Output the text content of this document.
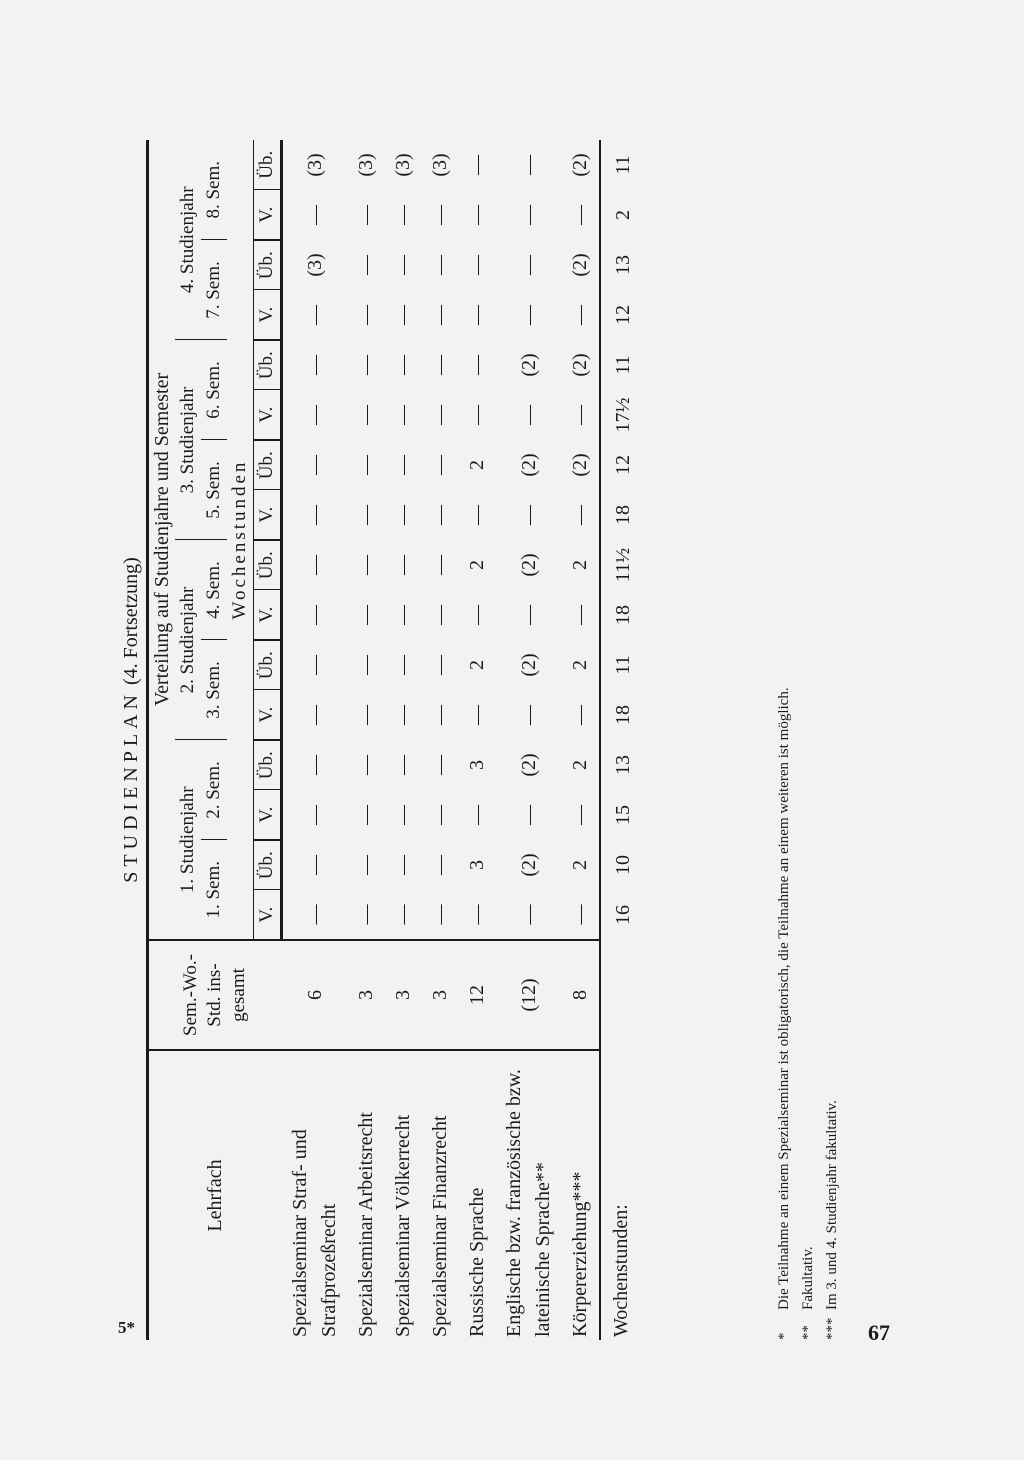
5*	67
STUDIENPLAN (4. Fortsetzung)
Lehrfach	Sem.-Wo.-Std. ins-gesamt	Verteilung auf Studienjahre und Semester															
		1. Studienjahr				2. Studienjahr				3. Studienjahr				4. Studienjahr			
		1. Sem.		2. Sem.		3. Sem.		4. Sem.		5. Sem.		6. Sem.		7. Sem.		8. Sem.	
		Wochenstunden															
		V.	Üb.	V.	Üb.	V.	Üb.	V.	Üb.	V.	Üb.	V.	Üb.	V.	Üb.	V.	Üb.
Spezialseminar Straf- und Strafprozeßrecht	6	—	—	—	—	—	—	—	—	—	—	—	—	—	(3)	—	(3)
Spezialseminar Arbeitsrecht	3	—	—	—	—	—	—	—	—	—	—	—	—	—	—	—	(3)
Spezialseminar Völkerrecht	3	—	—	—	—	—	—	—	—	—	—	—	—	—	—	—	(3)
Spezialseminar Finanzrecht	3	—	—	—	—	—	—	—	—	—	—	—	—	—	—	—	(3)
Russische Sprache	12	—	3	—	3	—	2	—	2	—	2	—	—	—	—	—	—
Englische bzw. französische bzw. lateinische Sprache**	(12)	—	(2)	—	(2)	—	(2)	—	(2)	—	(2)	—	(2)	—	—	—	—
Körpererziehung***	8	—	2	—	2	—	2	—	2	—	(2)	—	(2)	—	(2)	—	(2)
Wochenstunden:		16	10	15	13	18	11	18	11½	18	12	17½	11	12	13	2	11
*Die Teilnahme an einem Spezialseminar ist obligatorisch, die Teilnahme an einem weiteren ist möglich.
**Fakultativ.
***Im 3. und 4. Studienjahr fakultativ.
